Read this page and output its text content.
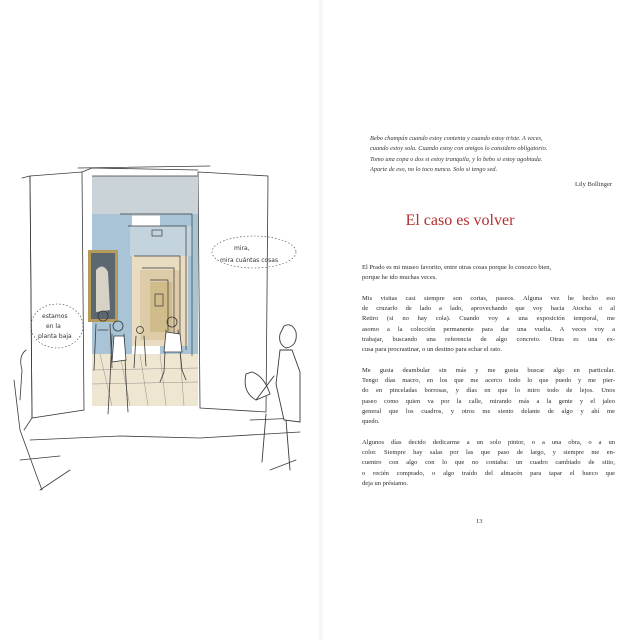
mira,
mira cuántas cosas
estamos
en la
planta baja

Bebo champán cuando estoy contenta y cuando estoy triste. A veces,
cuando estoy sola. Cuando estoy con amigos lo considero obligatorio.
Tomo una copa o dos si estoy tranquila, y lo bebo si estoy agobiada.
Aparte de eso, no lo toco nunca. Solo si tengo sed.

Lily Bollinger
El caso es volver

El Prado es mi museo favorito, entre otras cosas porque lo conozco bien,
porque he ido muchas veces.

Mis visitas casi siempre son cortas, paseos. Alguna vez he hecho eso
de cruzarlo de lado a lado, aprovechando que voy hacia Atocha o al
Retiro (si no hay cola). Cuando voy a una exposición temporal, me
asomo a la colección permanente para dar una vuelta. A veces voy a
trabajar, buscando una referencia de algo concreto. Otras es una ex-
cusa para procrastinar, o un destino para echar el rato.

Me gusta deambular sin más y me gusta buscar algo en particular.
Tengo días macro, en los que me acerco todo lo que puedo y me pier-
do en pinceladas borrosas, y días en que lo miro todo de lejos. Unos
paseo como quien va por la calle, mirando más a la gente y el jaleo
general que los cuadros, y otros me siento delante de algo y ahí me
quedo.

Algunos días decido dedicarme a un solo pintor, o a una obra, o a un
color. Siempre hay salas por las que paso de largo, y siempre me en-
cuentro con algo con lo que no contaba: un cuadro cambiado de sitio,
o recién comprado, o algo traído del almacén para tapar el hueco que
deja un préstamo.

13
